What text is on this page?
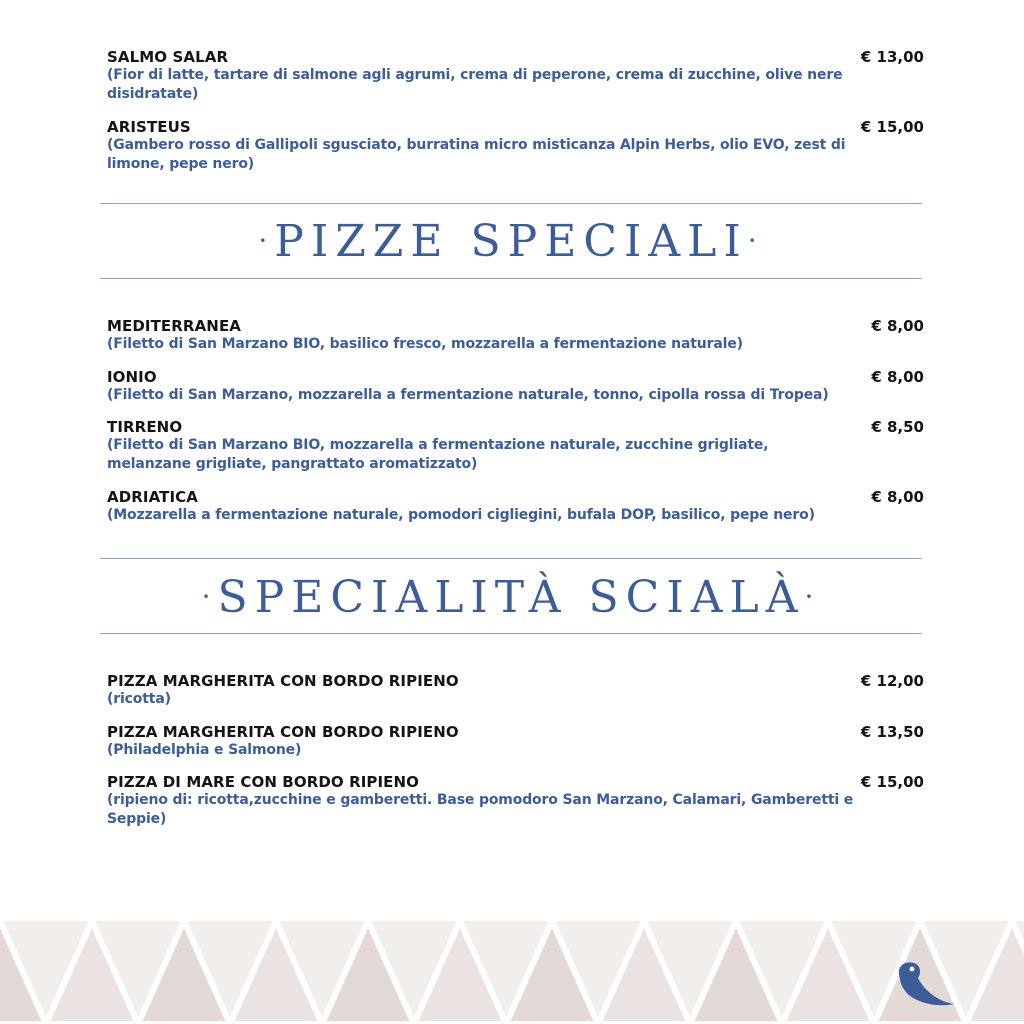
SALMO SALAR
(Fior di latte, tartare di salmone agli agrumi, crema di peperone, crema di zucchine, olive nere disidratate)
€ 13,00
ARISTEUS
(Gambero rosso di Gallipoli sgusciato, burratina micro misticanza Alpin Herbs, olio EVO, zest di limone, pepe nero)
€ 15,00
·PIZZE SPECIALI·
MEDITERRANEA
(Filetto di San Marzano BIO, basilico fresco, mozzarella a fermentazione naturale)
€ 8,00
IONIO
(Filetto di San Marzano, mozzarella a fermentazione naturale, tonno, cipolla rossa di Tropea)
€ 8,00
TIRRENO
(Filetto di San Marzano BIO, mozzarella a fermentazione naturale, zucchine grigliate, melanzane grigliate, pangrattato aromatizzato)
€ 8,50
ADRIATICA
(Mozzarella a fermentazione naturale, pomodori cigliegini, bufala DOP, basilico, pepe nero)
€ 8,00
·SPECIALITÀ SCIALÀ·
PIZZA MARGHERITA CON BORDO RIPIENO
(ricotta)
€ 12,00
PIZZA MARGHERITA CON BORDO RIPIENO
(Philadelphia e Salmone)
€ 13,50
PIZZA DI MARE CON BORDO RIPIENO
(ripieno di: ricotta,zucchine e gamberetti. Base pomodoro San Marzano, Calamari, Gamberetti e Seppie)
€ 15,00
